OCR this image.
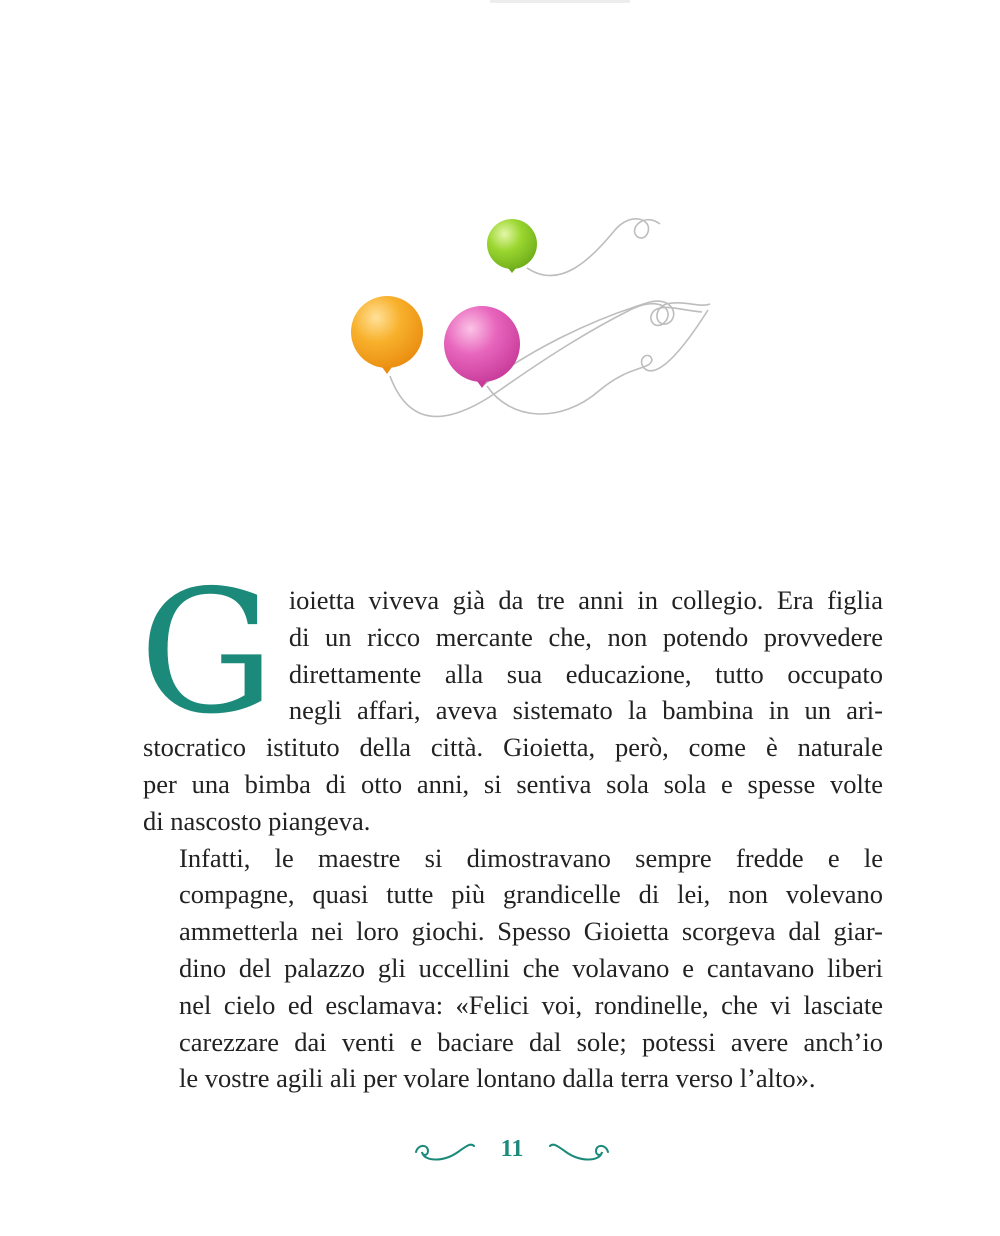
G ioietta viveva già da tre anni in collegio. Era figlia
di un ricco mercante che, non potendo provvedere
direttamente alla sua educazione, tutto occupato
negli affari, aveva sistemato la bambina in un ari-
stocratico istituto della città. Gioietta, però, come è naturale
per una bimba di otto anni, si sentiva sola sola e spesse volte
di nascosto piangeva.

Infatti, le maestre si dimostravano sempre fredde e le
compagne, quasi tutte più grandicelle di lei, non volevano
ammetterla nei loro giochi. Spesso Gioietta scorgeva dal giar-
dino del palazzo gli uccellini che volavano e cantavano liberi
nel cielo ed esclamava: «Felici voi, rondinelle, che vi lasciate
carezzare dai venti e baciare dal sole; potessi avere anch’io
le vostre agili ali per volare lontano dalla terra verso l’alto».

11
